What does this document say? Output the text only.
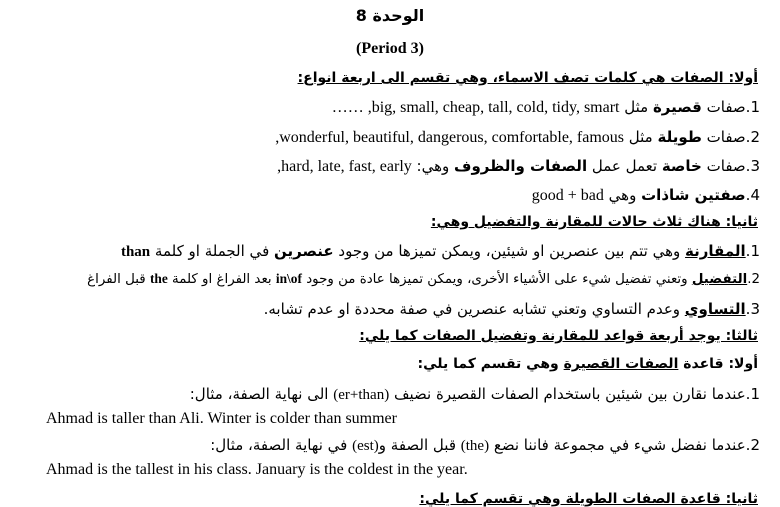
الوحدة 8
(Period 3)
أولا: الصفات هي كلمات تصف الاسماء، وهي تقسم الى اربعة انواع:
1.صفات قصيرة مثل big, small, cheap, tall, cold, tidy, smart, ……
2.صفات طويلة مثل wonderful, beautiful, dangerous, comfortable, famous,
3.صفات خاصة تعمل عمل الصفات والظروف وهي: hard, late, fast, early,
4.صفتين شاذات وهي good + bad
ثانيا: هناك ثلاث حالات للمقارنة والتفضيل وهي:
1.المقارنة وهي تتم بين عنصرين او شيئين، ويمكن تميزها من وجود عنصرين في الجملة او كلمة than
2.التفضيل وتعني تفضيل شيء على الأشياء الأخرى، ويمكن تميزها عادة من وجود in\of بعد الفراغ او كلمة the قبل الفراغ
3.التساوي وعدم التساوي وتعني تشابه عنصرين في صفة محددة او عدم تشابه.
ثالثا: يوجد أربعة قواعد للمقارنة وتفضيل الصفات كما يلي:
أولا: قاعدة الصفات القصيرة وهي تقسم كما يلي:
1.عندما نقارن بين شيئين باستخدام الصفات القصيرة نضيف (er+than) الى نهاية الصفة، مثال:
Ahmad is taller than Ali. Winter is colder than summer
2.عندما نفضل شيء في مجموعة فاننا نضع (the) قبل الصفة و(est) في نهاية الصفة، مثال:
Ahmad is the tallest in his class. January is the coldest in the year.
ثانيا: قاعدة الصفات الطويلة وهي تقسم كما يلي:
